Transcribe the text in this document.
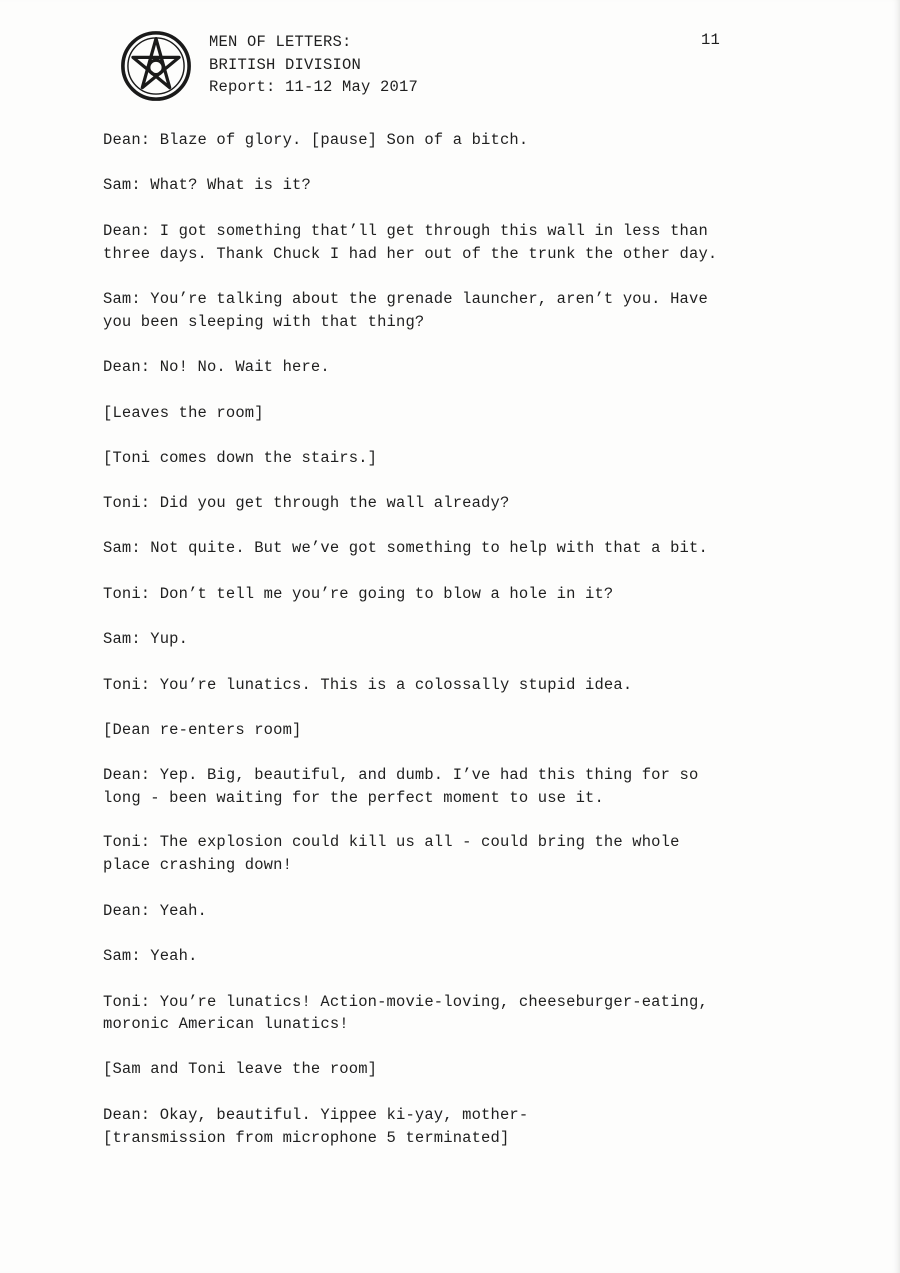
MEN OF LETTERS:
BRITISH DIVISION
Report: 11-12 May 2017
11
Dean: Blaze of glory. [pause] Son of a bitch.
Sam: What? What is it?
Dean: I got something that’ll get through this wall in less than
three days. Thank Chuck I had her out of the trunk the other day.
Sam: You’re talking about the grenade launcher, aren’t you. Have
you been sleeping with that thing?
Dean: No! No. Wait here.
[Leaves the room]
[Toni comes down the stairs.]
Toni: Did you get through the wall already?
Sam: Not quite. But we’ve got something to help with that a bit.
Toni: Don’t tell me you’re going to blow a hole in it?
Sam: Yup.
Toni: You’re lunatics. This is a colossally stupid idea.
[Dean re-enters room]
Dean: Yep. Big, beautiful, and dumb. I’ve had this thing for so
long - been waiting for the perfect moment to use it.
Toni: The explosion could kill us all - could bring the whole
place crashing down!
Dean: Yeah.
Sam: Yeah.
Toni: You’re lunatics! Action-movie-loving, cheeseburger-eating,
moronic American lunatics!
[Sam and Toni leave the room]
Dean: Okay, beautiful. Yippee ki-yay, mother-
[transmission from microphone 5 terminated]
